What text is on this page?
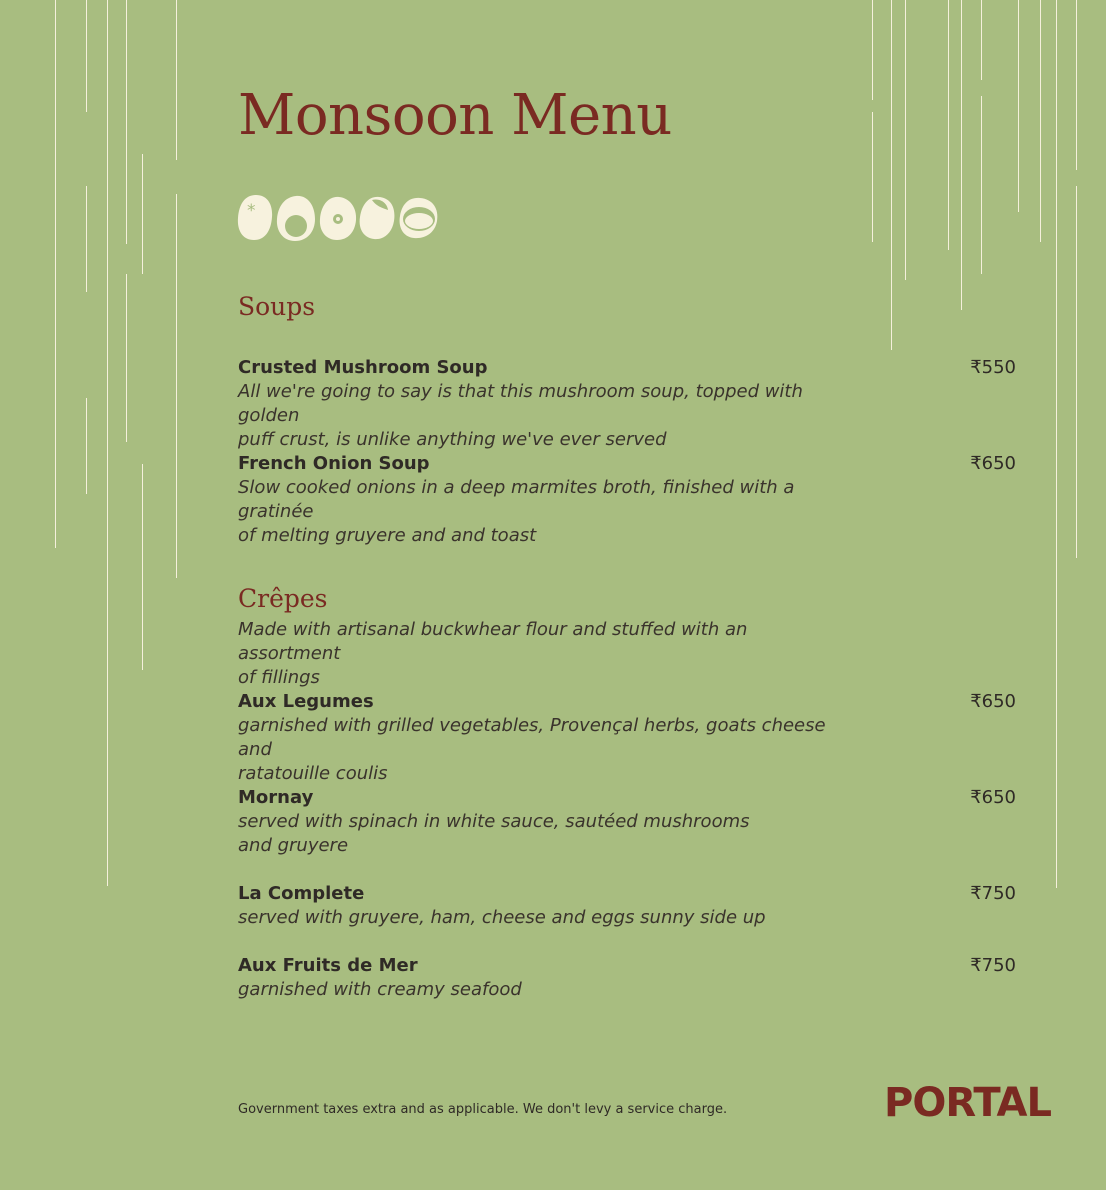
Monsoon Menu
*
Soups
Crusted Mushroom Soup
All we're going to say is that this mushroom soup, topped with golden
puff crust, is unlike anything we've ever served
₹550
French Onion Soup
Slow cooked onions in a deep marmites broth, finished with a gratinée
of melting gruyere and and toast
₹650
Crêpes
Made with artisanal buckwhear flour and stuffed with an assortment
of fillings
Aux Legumes
garnished with grilled vegetables, Provençal herbs, goats cheese and
ratatouille coulis
₹650
Mornay
served with spinach in white sauce, sautéed mushrooms
and gruyere
₹650
La Complete
served with gruyere, ham, cheese and eggs sunny side up
₹750
Aux Fruits de Mer
garnished with creamy seafood
₹750
Government taxes extra and as applicable. We don't levy a service charge.	PORTAL
